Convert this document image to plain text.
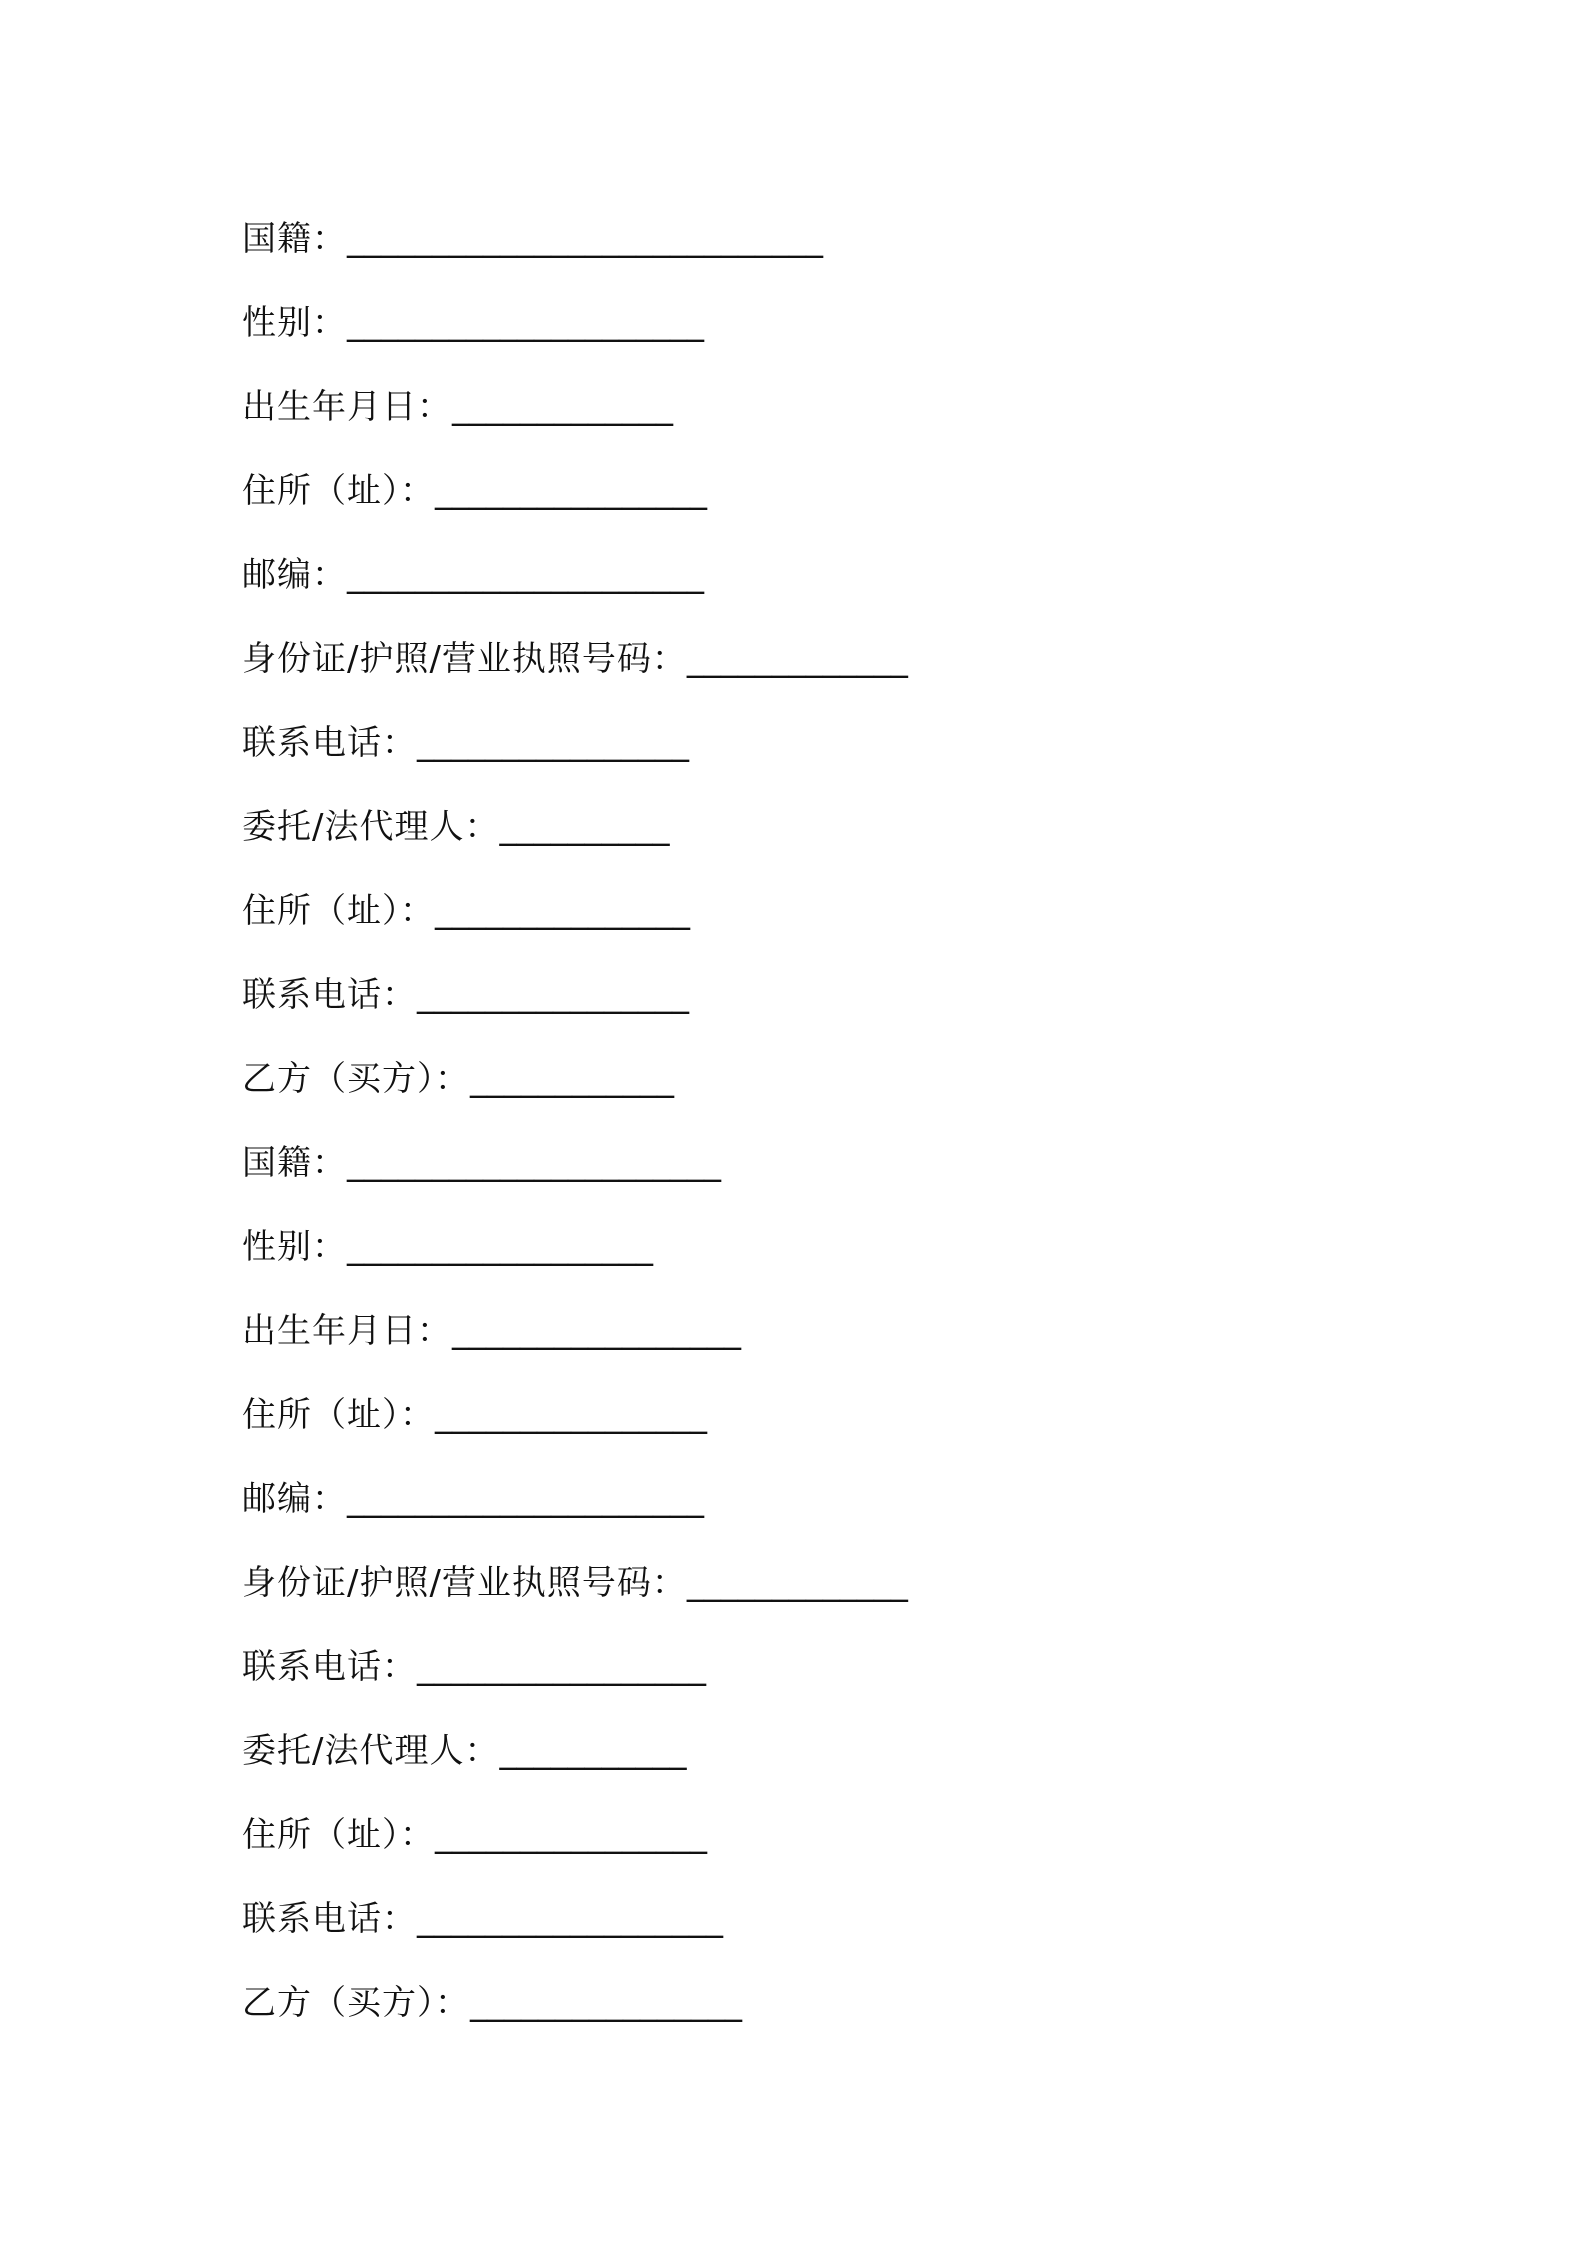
国籍： ____________________________
性别： _____________________
出生年月日： _____________
住所（址）： ________________
邮编： _____________________
身份证/护照/营业执照号码： _____________
联系电话： ________________
委托/法代理人： __________
住所（址）： _______________
联系电话： ________________
乙方（买方）： ____________
国籍： ______________________
性别： __________________
出生年月日： _________________
住所（址）： ________________
邮编： _____________________
身份证/护照/营业执照号码： _____________
联系电话： _________________
委托/法代理人： ___________
住所（址）： ________________
联系电话： __________________
乙方（买方）： ________________
